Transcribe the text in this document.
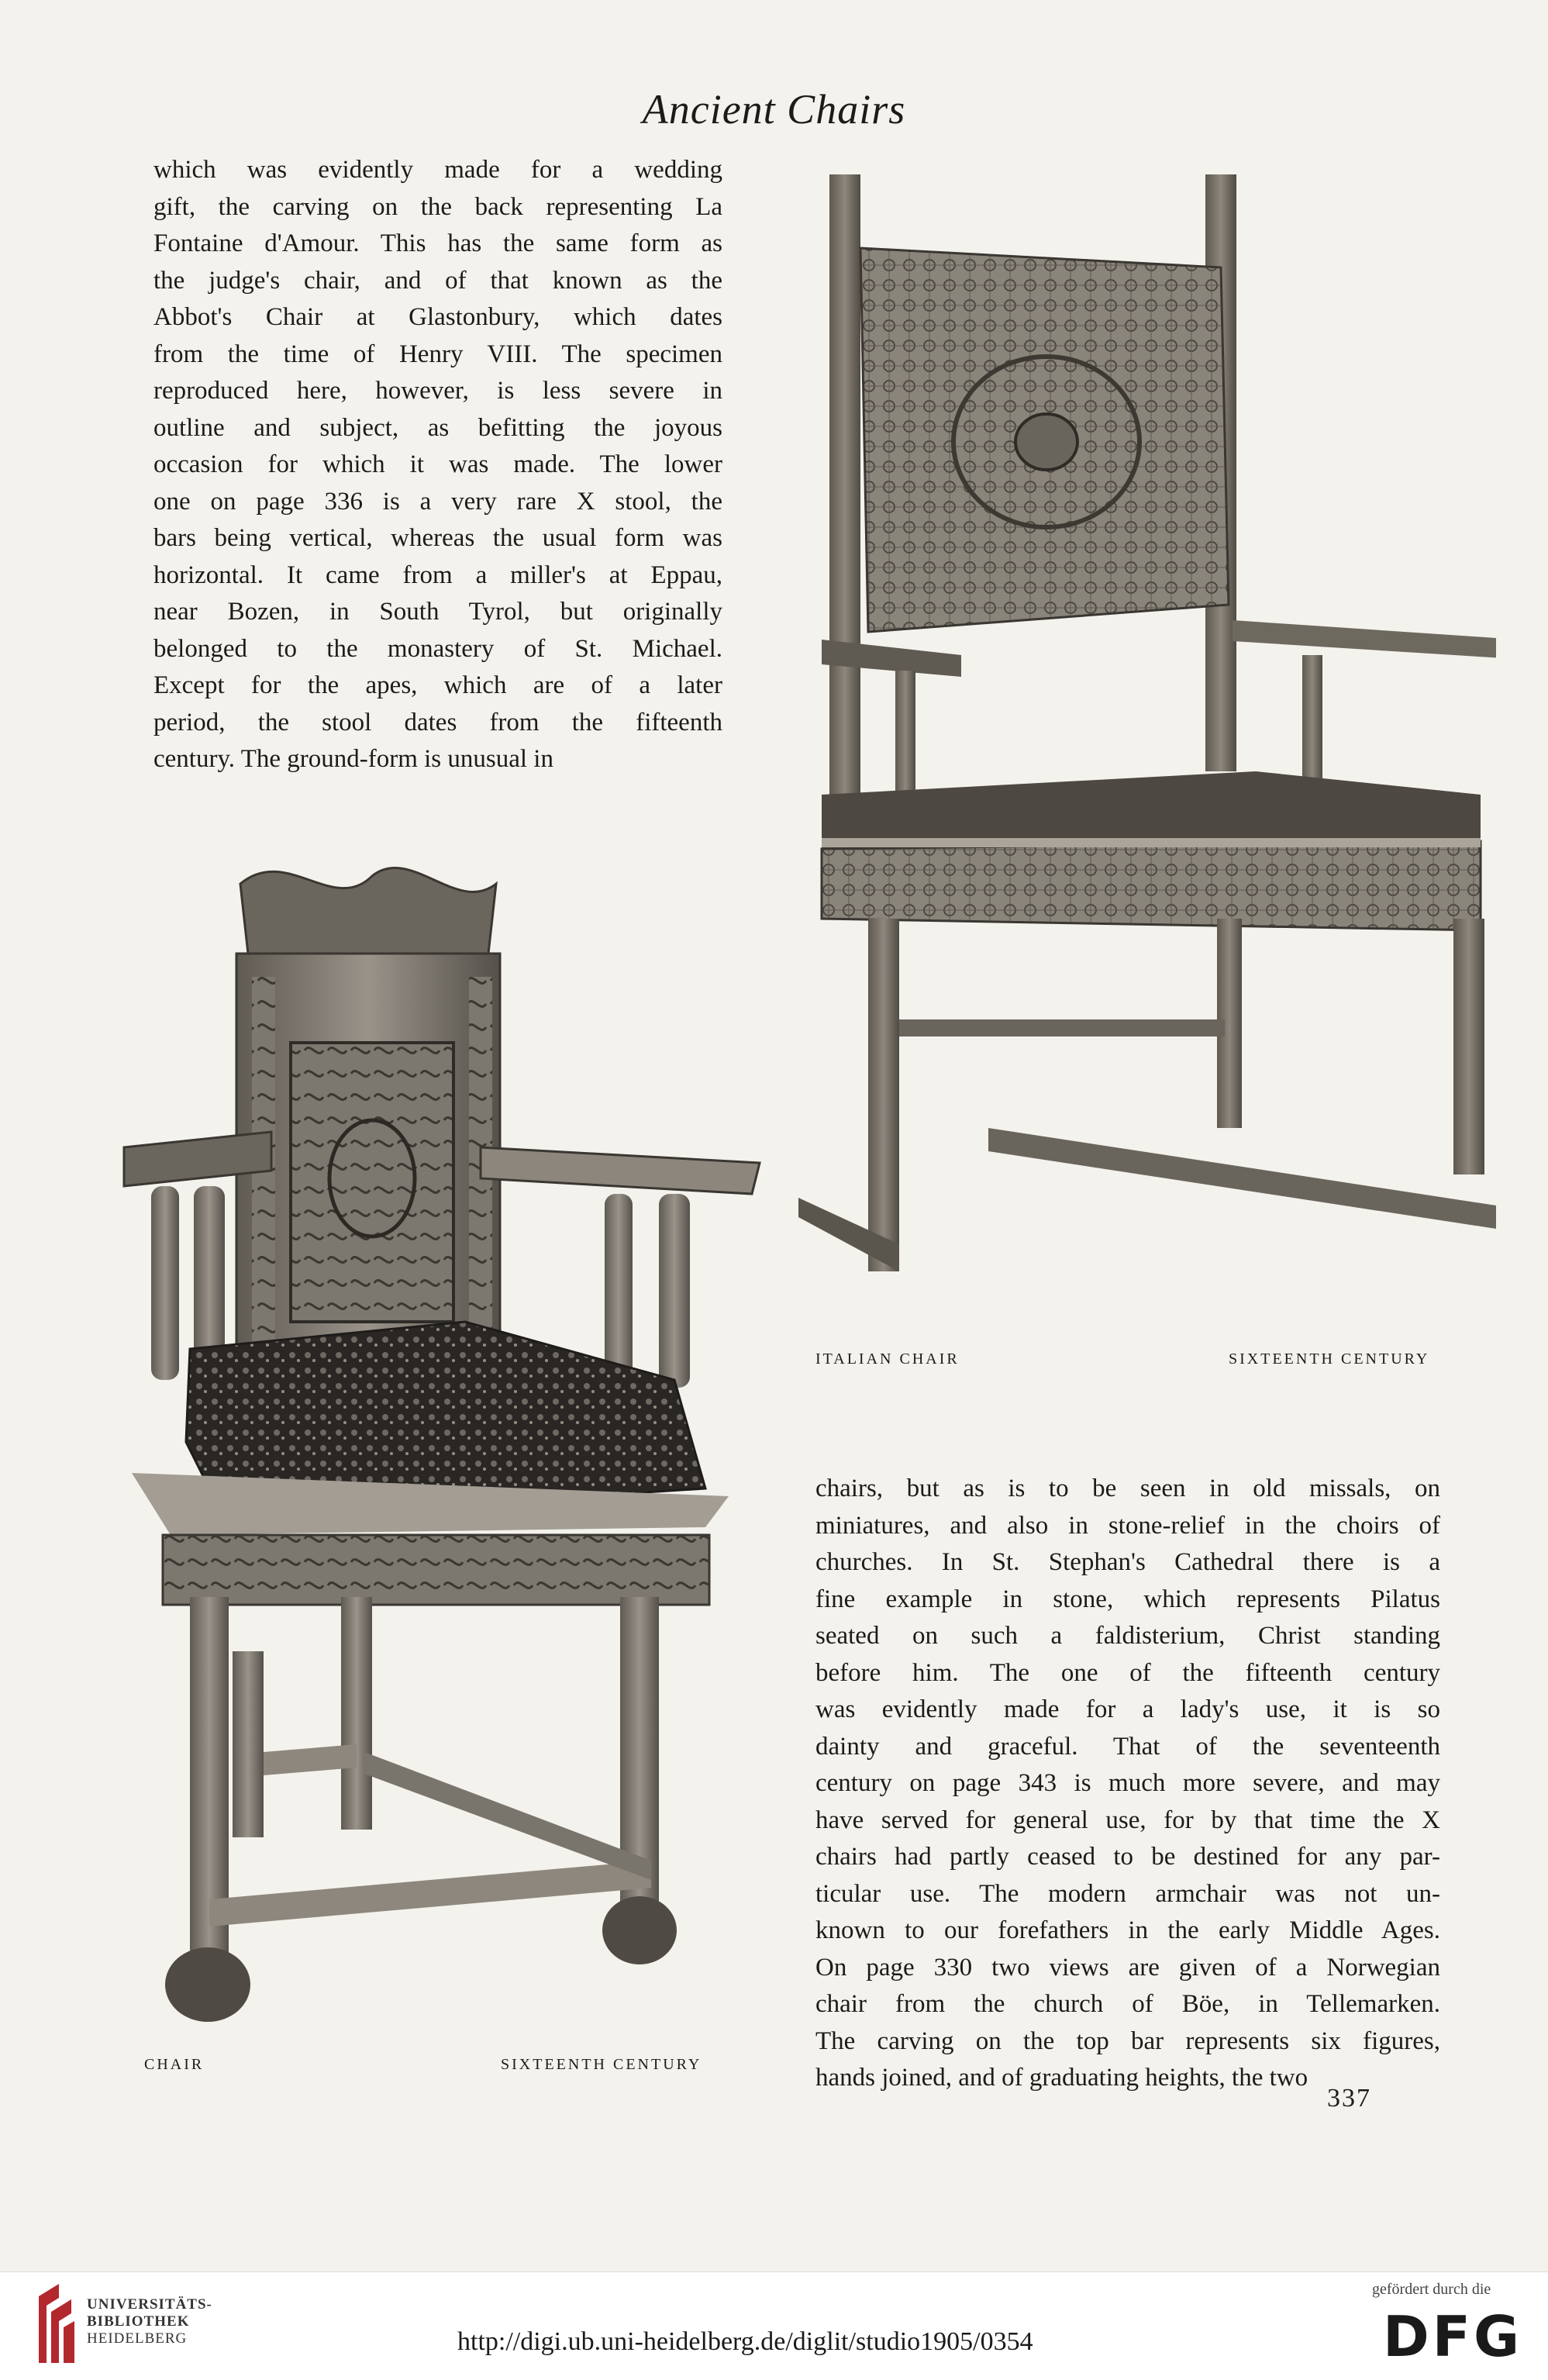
Ancient Chairs

which was evidently made for a wedding
gift, the carving on the back representing La
Fontaine d'Amour. This has the same form as
the judge's chair, and of that known as the
Abbot's Chair at Glastonbury, which dates
from the time of Henry VIII. The specimen
reproduced here, however, is less severe in
outline and subject, as befitting the joyous
occasion for which it was made. The lower
one on page 336 is a very rare X stool, the
bars being vertical, whereas the usual form was
horizontal. It came from a miller's at Eppau,
near Bozen, in South Tyrol, but originally
belonged to the monastery of St. Michael.
Except for the apes, which are of a later
period, the stool dates from the fifteenth
century. The ground-form is unusual in

ITALIAN CHAIR	SIXTEENTH CENTURY
CHAIR	SIXTEENTH CENTURY

chairs, but as is to be seen in old missals, on
miniatures, and also in stone-relief in the choirs of
churches. In St. Stephan's Cathedral there is a
fine example in stone, which represents Pilatus
seated on such a faldisterium, Christ standing
before him. The one of the fifteenth century
was evidently made for a lady's use, it is so
dainty and graceful. That of the seventeenth
century on page 343 is much more severe, and may
have served for general use, for by that time the X
chairs had partly ceased to be destined for any par-
ticular use. The modern armchair was not un-
known to our forefathers in the early Middle Ages.
On page 330 two views are given of a Norwegian
chair from the church of Böe, in Tellemarken.
The carving on the top bar represents six figures,
hands joined, and of graduating heights, the two

337
UNIVERSITÄTS-
BIBLIOTHEK
HEIDELBERG	http://digi.ub.uni-heidelberg.de/diglit/studio1905/0354
gefördert durch die
DFG
